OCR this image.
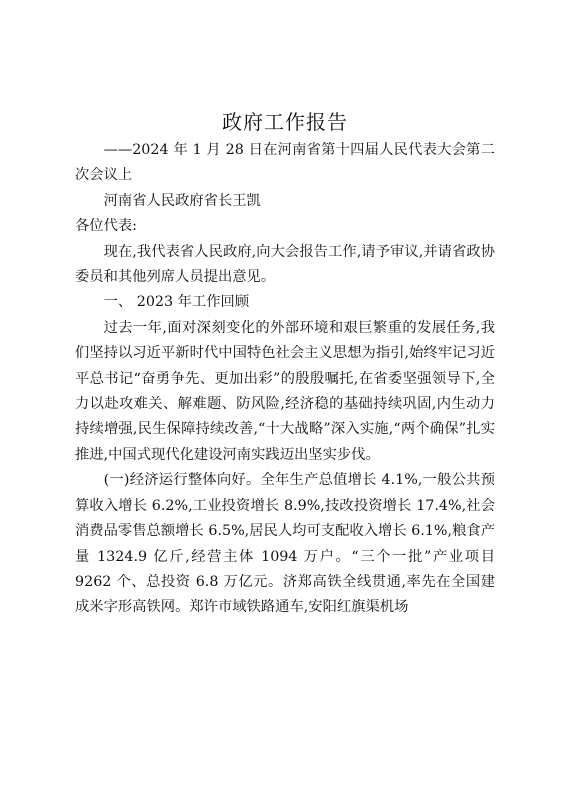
政府工作报告

——2024 年 1 月 28 日在河南省第十四届人民代表大会第二次会议上

河南省人民政府省长王凯

各位代表:

现在,我代表省人民政府,向大会报告工作,请予审议,并请省政协委员和其他列席人员提出意见。

一、 2023 年工作回顾

过去一年,面对深刻变化的外部环境和艰巨繁重的发展任务,我们坚持以习近平新时代中国特色社会主义思想为指引,始终牢记习近平总书记“奋勇争先、更加出彩”的殷殷嘱托,在省委坚强领导下,全力以赴攻难关、解难题、防风险,经济稳的基础持续巩固,内生动力持续增强,民生保障持续改善,“十大战略”深入实施,“两个确保”扎实推进,中国式现代化建设河南实践迈出坚实步伐。

(一)经济运行整体向好。全年生产总值增长 4.1%,一般公共预算收入增长 6.2%,工业投资增长 8.9%,技改投资增长 17.4%,社会消费品零售总额增长 6.5%,居民人均可支配收入增长 6.1%,粮食产量 1324.9 亿斤,经营主体 1094 万户。“三个一批”产业项目 9262 个、总投资 6.8 万亿元。济郑高铁全线贯通,率先在全国建成米字形高铁网。郑许市域铁路通车,安阳红旗渠机场
